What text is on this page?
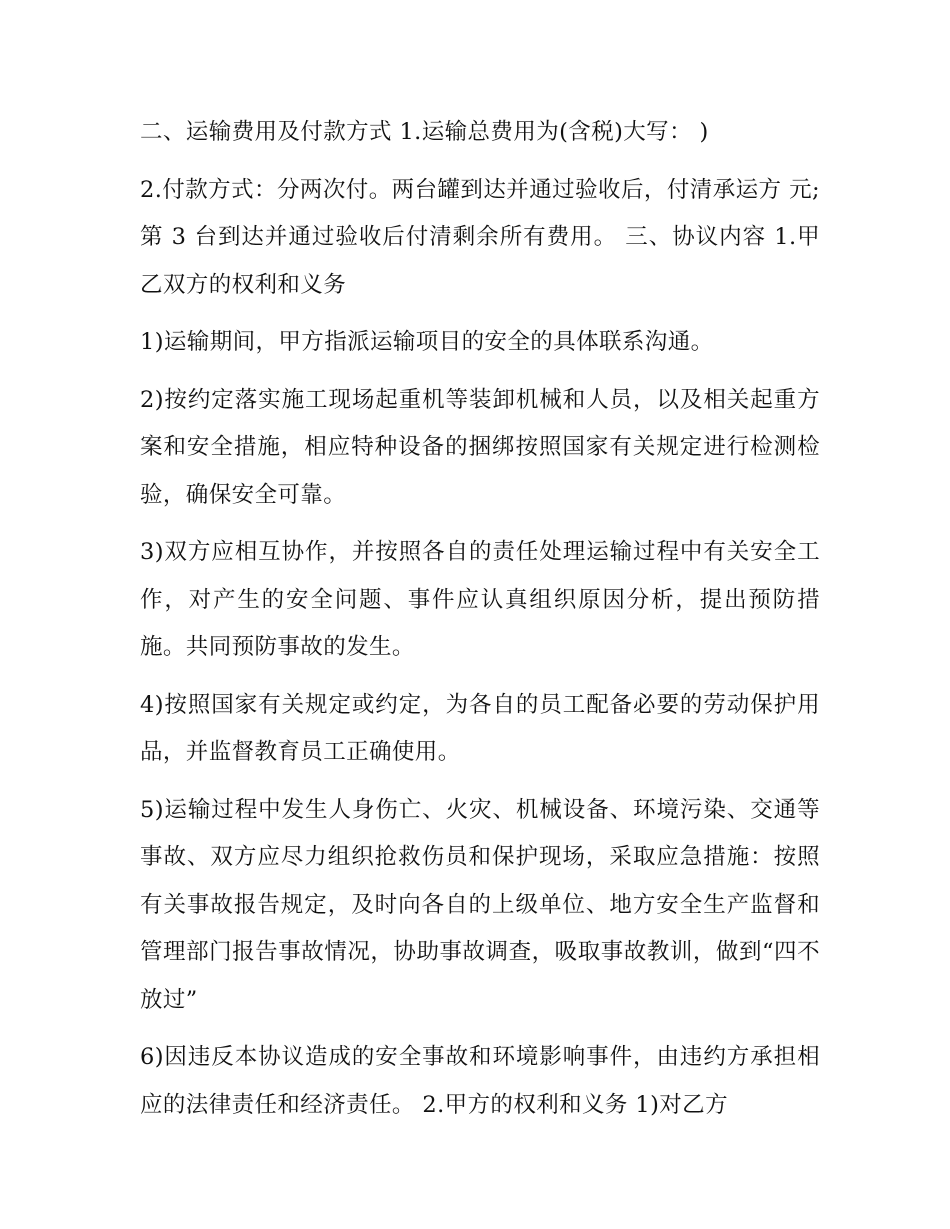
二、运输费用及付款方式 1.运输总费用为(含税)大写： )

2.付款方式：分两次付。两台罐到达并通过验收后，付清承运方 元;第 3 台到达并通过验收后付清剩余所有费用。 三、协议内容 1.甲乙双方的权利和义务

1)运输期间，甲方指派运输项目的安全的具体联系沟通。

2)按约定落实施工现场起重机等装卸机械和人员，以及相关起重方案和安全措施，相应特种设备的捆绑按照国家有关规定进行检测检验，确保安全可靠。

3)双方应相互协作，并按照各自的责任处理运输过程中有关安全工作，对产生的安全问题、事件应认真组织原因分析，提出预防措施。共同预防事故的发生。

4)按照国家有关规定或约定，为各自的员工配备必要的劳动保护用品，并监督教育员工正确使用。

5)运输过程中发生人身伤亡、火灾、机械设备、环境污染、交通等事故、双方应尽力组织抢救伤员和保护现场，采取应急措施：按照有关事故报告规定，及时向各自的上级单位、地方安全生产监督和管理部门报告事故情况，协助事故调查，吸取事故教训，做到“四不放过”

6)因违反本协议造成的安全事故和环境影响事件，由违约方承担相应的法律责任和经济责任。 2.甲方的权利和义务 1)对乙方
